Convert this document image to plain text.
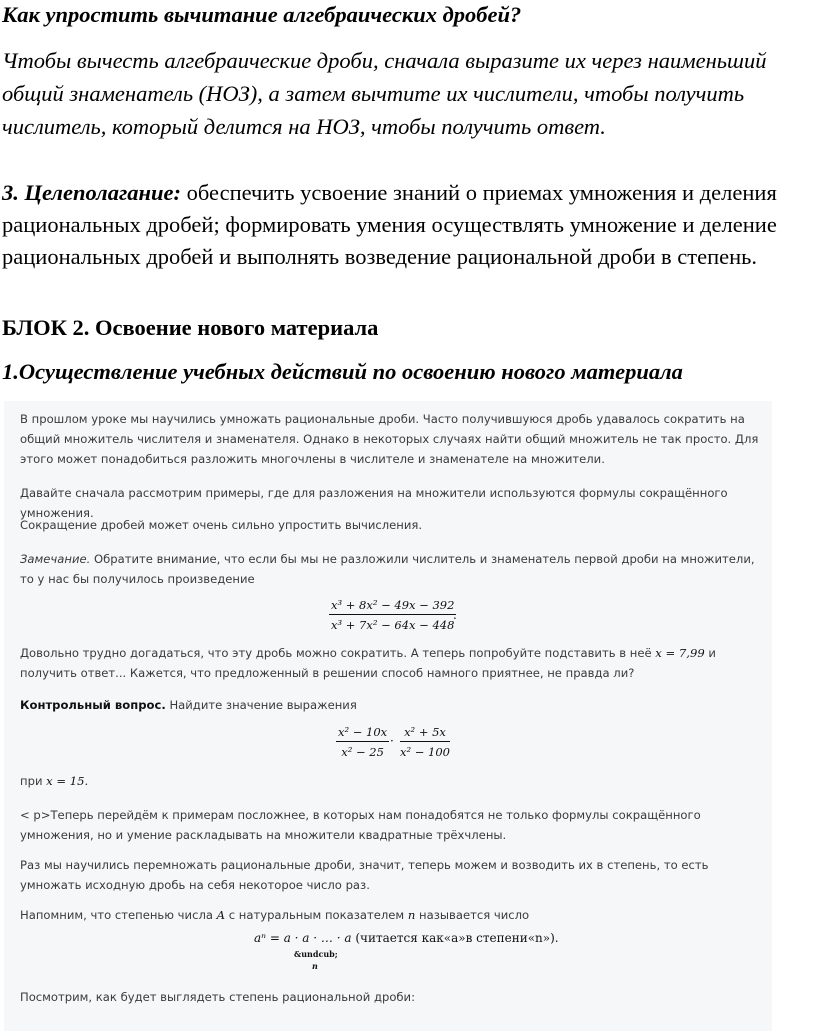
Как упростить вычитание алгебраических дробей?
Чтобы вычесть алгебраические дроби, сначала выразите их через наименьший общий знаменатель (НОЗ), а затем вычтите их числители, чтобы получить числитель, который делится на НОЗ, чтобы получить ответ.
3. Целеполагание: обеспечить усвоение знаний о приемах умножения и деления рациональных дробей; формировать умения осуществлять умножение и деление рациональных дробей и выполнять возведение рациональной дроби в степень.
БЛОК 2. Освоение нового материала
1.Осуществление учебных действий по освоению нового материала

В прошлом уроке мы научились умножать рациональные дроби. Часто получившуюся дробь удавалось сократить на общий множитель числителя и знаменателя. Однако в некоторых случаях найти общий множитель не так просто. Для этого может понадобиться разложить многочлены в числителе и знаменателе на множители.

Давайте сначала рассмотрим примеры, где для разложения на множители используются формулы сокращённого умножения.

Сокращение дробей может очень сильно упростить вычисления.

Замечание. Обратите внимание, что если бы мы не разложили числитель и знаменатель первой дроби на множители, то у нас бы получилось произведение

$\frac{\text{x³ + 8x² − 49x − 392}}{\text{x³ + 7x² − 64x − 448}}$
.

Довольно трудно догадаться, что эту дробь можно сократить. А теперь попробуйте подставить в неё x = 7,99 и получить ответ... Кажется, что предложенный в решении способ намного приятнее, не правда ли?

Контрольный вопрос. Найдите значение выражения

$\frac{\text{x² − 10x}}{\text{x² − 25}} \cdot \frac{\text{x² + 5x}}{\text{x² − 100}}$

при x = 15.

< p>Теперь перейдём к примерам посложнее, в которых нам понадобятся не только формулы сокращённого умножения, но и умение раскладывать на множители квадратные трёхчлены.

Раз мы научились перемножать рациональные дроби, значит, теперь можем и возводить их в степень, то есть умножать исходную дробь на себя некоторое число раз.

Напомним, что степенью числа A с натуральным показателем n называется число

aⁿ = a · a · … · a (читается как«a»в степени«n»).
&undcub;
n

Посмотрим, как будет выглядеть степень рациональной дроби:
